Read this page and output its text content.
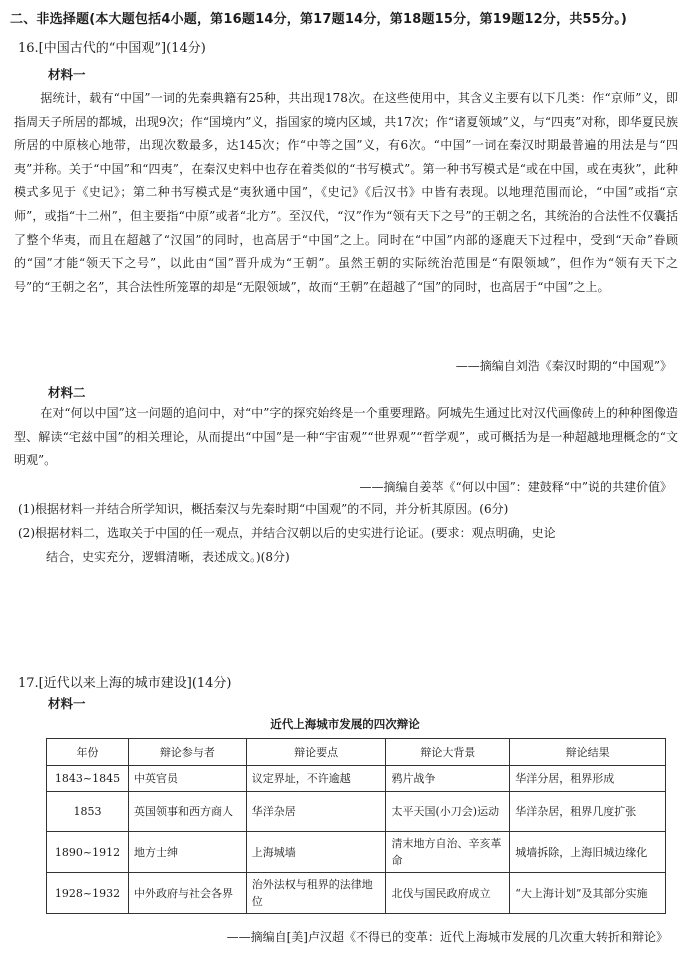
二、非选择题(本大题包括4小题，第16题14分，第17题14分，第18题15分，第19题12分，共55分。)
16.[中国古代的“中国观”](14分)
材料一
据统计，载有“中国”一词的先秦典籍有25种，共出现178次。在这些使用中，其含义主要有以下几类：作“京师”义，即指周天子所居的都城，出现9次；作“国境内”义，指国家的境内区域，共17次；作“诸夏领域”义，与“四夷”对称，即华夏民族所居的中原核心地带，出现次数最多，达145次；作“中等之国”义，有6次。“中国”一词在秦汉时期最普遍的用法是与“四夷”并称。关于“中国”和“四夷”，在秦汉史料中也存在着类似的“书写模式”。第一种书写模式是“或在中国，或在夷狄”，此种模式多见于《史记》；第二种书写模式是“夷狄通中国”，《史记》《后汉书》中皆有表现。以地理范围而论，“中国”或指“京师”，或指“十二州”，但主要指“中原”或者“北方”。至汉代，“汉”作为“领有天下之号”的王朝之名，其统治的合法性不仅囊括了整个华夷，而且在超越了“汉国”的同时，也高居于“中国”之上。同时在“中国”内部的逐鹿天下过程中，受到“天命”眷顾的“国”才能“领天下之号”，以此由“国”晋升成为“王朝”。虽然王朝的实际统治范围是“有限领域”，但作为“领有天下之号”的“王朝之名”，其合法性所笼罩的却是“无限领域”，故而“王朝”在超越了“国”的同时，也高居于“中国”之上。
——摘编自刘浩《秦汉时期的“中国观”》
材料二
在对“何以中国”这一问题的追问中，对“中”字的探究始终是一个重要理路。阿城先生通过比对汉代画像砖上的种种图像造型、解读“宅兹中国”的相关理论，从而提出“中国”是一种“宇宙观”“世界观”“哲学观”，或可概括为是一种超越地理概念的“文明观”。
——摘编自姜萃《“何以中国”：建鼓释“中”说的共建价值》
(1)根据材料一并结合所学知识，概括秦汉与先秦时期“中国观”的不同，并分析其原因。(6分)
(2)根据材料二，选取关于中国的任一观点，并结合汉朝以后的史实进行论证。(要求：观点明确，史论
结合，史实充分，逻辑清晰，表述成文。)(8分)
17.[近代以来上海的城市建设](14分)
材料一
近代上海城市发展的四次辩论
年份	辩论参与者	辩论要点	辩论大背景	辩论结果
1843~1845	中英官员	议定界址，不许逾越	鸦片战争	华洋分居，租界形成
1853	英国领事和西方商人	华洋杂居	太平天国(小刀会)运动	华洋杂居，租界几度扩张
1890~1912	地方士绅	上海城墙	清末地方自治、辛亥革命	城墙拆除，上海旧城边缘化
1928~1932	中外政府与社会各界	治外法权与租界的法律地位	北伐与国民政府成立	“大上海计划”及其部分实施
——摘编自[美]卢汉超《不得已的变革：近代上海城市发展的几次重大转折和辩论》
